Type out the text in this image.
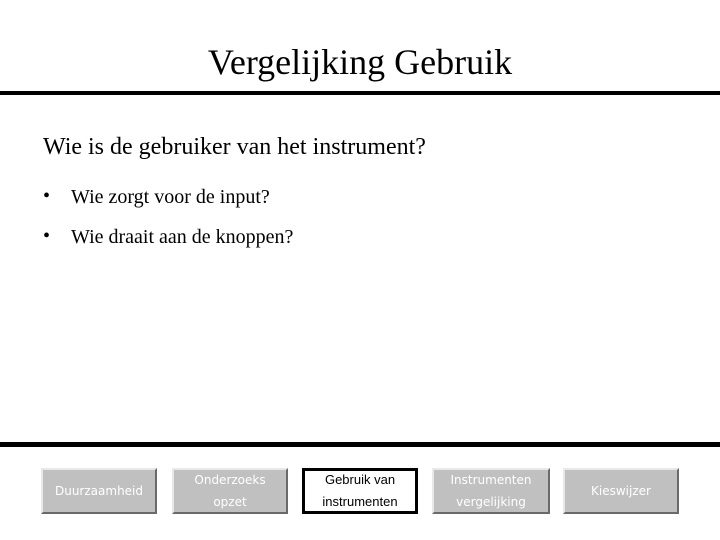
Vergelijking Gebruik

Wie is de gebruiker van het instrument?

• Wie zorgt voor de input?
• Wie draait aan de knoppen?
Duurzaamheid
Onderzoeks
opzet
Gebruik van
instrumenten
Instrumenten
vergelijking
Kieswijzer
